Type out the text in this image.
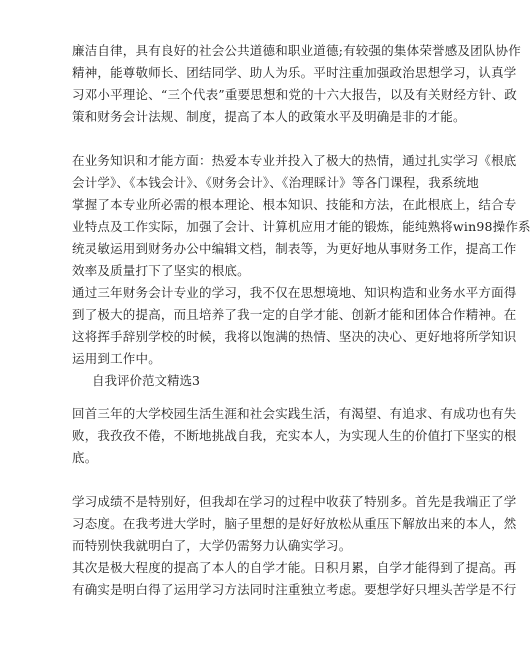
廉洁自律，具有良好的社会公共道德和职业道德;有较强的集体荣誉感及团队协作
精神，能尊敬师长、团结同学、助人为乐。平时注重加强政治思想学习，认真学
习邓小平理论、“三个代表”重要思想和党的十六大报告，以及有关财经方针、政
策和财务会计法规、制度，提高了本人的政策水平及明确是非的才能。

在业务知识和才能方面：热爱本专业并投入了极大的热情，通过扎实学习《根底
会计学》、《本钱会计》、《财务会计》、《治理睬计》等各门课程，我系统地
掌握了本专业所必需的根本理论、根本知识、技能和方法，在此根底上，结合专
业特点及工作实际，加强了会计、计算机应用才能的锻炼，能纯熟将win98操作系
统灵敏运用到财务办公中编辑文档，制表等，为更好地从事财务工作，提高工作
效率及质量打下了坚实的根底。

通过三年财务会计专业的学习，我不仅在思想境地、知识构造和业务水平方面得
到了极大的提高，而且培养了我一定的自学才能、创新才能和团体合作精神。在
这将挥手辞别学校的时候，我将以饱满的热情、坚决的决心、更好地将所学知识
运用到工作中。

自我评价范文精选3

回首三年的大学校园生活生涯和社会实践生活，有渴望、有追求、有成功也有失
败，我孜孜不倦，不断地挑战自我，充实本人，为实现人生的价值打下坚实的根
底。

学习成绩不是特别好，但我却在学习的过程中收获了特别多。首先是我端正了学
习态度。在我考进大学时，脑子里想的是好好放松从重压下解放出来的本人，然
而特别快我就明白了，大学仍需努力认确实学习。
其次是极大程度的提高了本人的自学才能。日积月累，自学才能得到了提高。再
有确实是明白得了运用学习方法同时注重独立考虑。要想学好只埋头苦学是不行
